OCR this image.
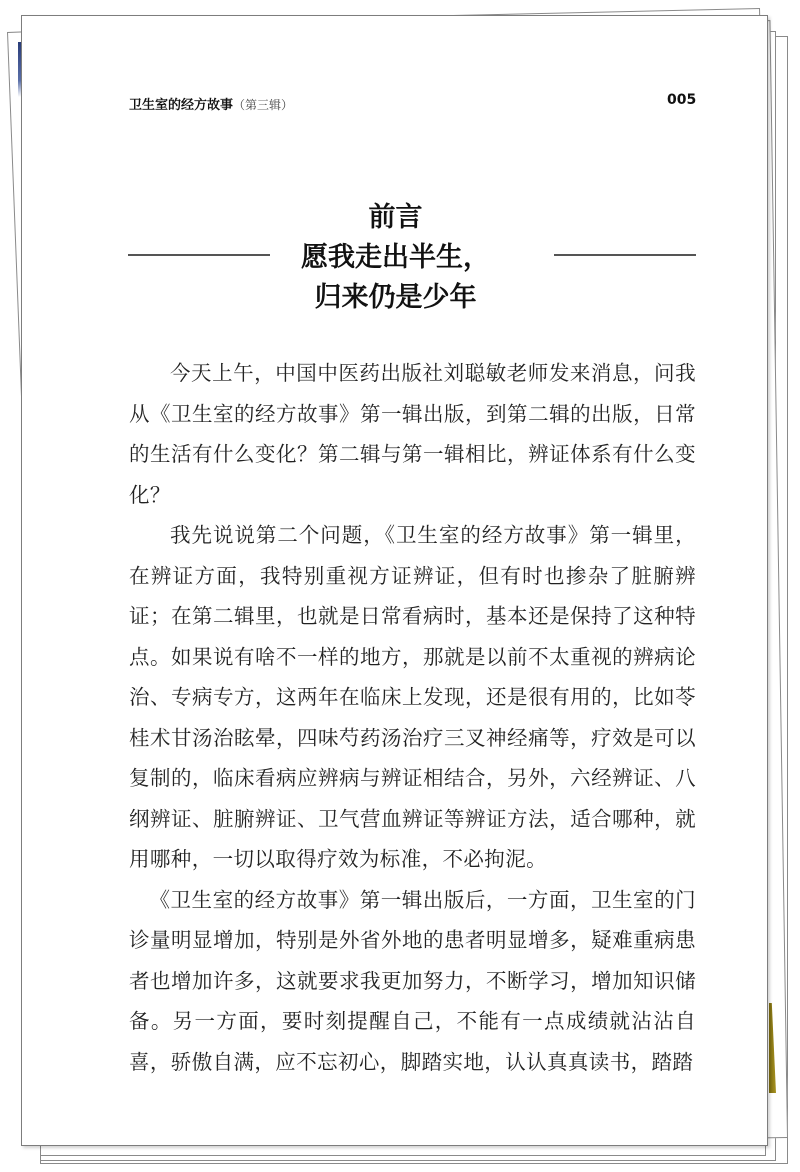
卫生室的经方故事（第三辑）	005
前言
愿我走出半生，
归来仍是少年

今天上午，中国中医药出版社刘聪敏老师发来消息，问我从《卫生室的经方故事》第一辑出版，到第二辑的出版，日常的生活有什么变化？第二辑与第一辑相比，辨证体系有什么变化？

我先说说第二个问题，《卫生室的经方故事》第一辑里，在辨证方面，我特别重视方证辨证，但有时也掺杂了脏腑辨证；在第二辑里，也就是日常看病时，基本还是保持了这种特点。如果说有啥不一样的地方，那就是以前不太重视的辨病论治、专病专方，这两年在临床上发现，还是很有用的，比如苓桂术甘汤治眩晕，四味芍药汤治疗三叉神经痛等，疗效是可以复制的，临床看病应辨病与辨证相结合，另外，六经辨证、八纲辨证、脏腑辨证、卫气营血辨证等辨证方法，适合哪种，就用哪种，一切以取得疗效为标准，不必拘泥。

《卫生室的经方故事》第一辑出版后，一方面，卫生室的门诊量明显增加，特别是外省外地的患者明显增多，疑难重病患者也增加许多，这就要求我更加努力，不断学习，增加知识储备。另一方面，要时刻提醒自己，不能有一点成绩就沾沾自喜，骄傲自满，应不忘初心，脚踏实地，认认真真读书，踏踏
